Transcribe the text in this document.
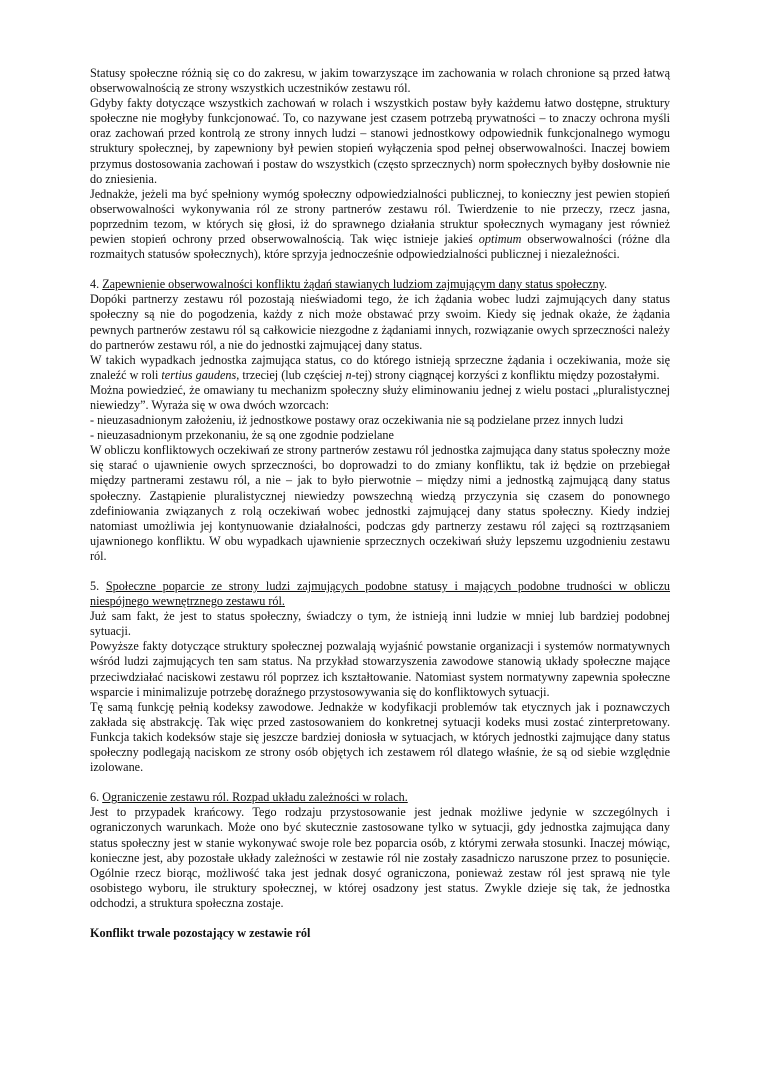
Statusy społeczne różnią się co do zakresu, w jakim towarzyszące im zachowania w rolach chronione są przed łatwą obserwowalnością ze strony wszystkich uczestników zestawu ról.

Gdyby fakty dotyczące wszystkich zachowań w rolach i wszystkich postaw były każdemu łatwo dostępne, struktury społeczne nie mogłyby funkcjonować. To, co nazywane jest czasem potrzebą prywatności – to znaczy ochrona myśli oraz zachowań przed kontrolą ze strony innych ludzi – stanowi jednostkowy odpowiednik funkcjonalnego wymogu struktury społecznej, by zapewniony był pewien stopień wyłączenia spod pełnej obserwowalności. Inaczej bowiem przymus dostosowania zachowań i postaw do wszystkich (często sprzecznych) norm społecznych byłby dosłownie nie do zniesienia.

Jednakże, jeżeli ma być spełniony wymóg społeczny odpowiedzialności publicznej, to konieczny jest pewien stopień obserwowalności wykonywania ról ze strony partnerów zestawu ról. Twierdzenie to nie przeczy, rzecz jasna, poprzednim tezom, w których się głosi, iż do sprawnego działania struktur społecznych wymagany jest również pewien stopień ochrony przed obserwowalnością. Tak więc istnieje jakieś optimum obserwowalności (różne dla rozmaitych statusów społecznych), które sprzyja jednocześnie odpowiedzialności publicznej i niezależności.

4. Zapewnienie obserwowalności konfliktu żądań stawianych ludziom zajmującym dany status społeczny.

Dopóki partnerzy zestawu ról pozostają nieświadomi tego, że ich żądania wobec ludzi zajmujących dany status społeczny są nie do pogodzenia, każdy z nich może obstawać przy swoim. Kiedy się jednak okaże, że żądania pewnych partnerów zestawu ról są całkowicie niezgodne z żądaniami innych, rozwiązanie owych sprzeczności należy do partnerów zestawu ról, a nie do jednostki zajmującej dany status.

W takich wypadkach jednostka zajmująca status, co do którego istnieją sprzeczne żądania i oczekiwania, może się znaleźć w roli tertius gaudens, trzeciej (lub częściej n-tej) strony ciągnącej korzyści z konfliktu między pozostałymi.

Można powiedzieć, że omawiany tu mechanizm społeczny służy eliminowaniu jednej z wielu postaci „pluralistycznej niewiedzy”. Wyraża się w owa dwóch wzorcach:

- nieuzasadnionym założeniu, iż jednostkowe postawy oraz oczekiwania nie są podzielane przez innych ludzi

- nieuzasadnionym przekonaniu, że są one zgodnie podzielane

W obliczu konfliktowych oczekiwań ze strony partnerów zestawu ról jednostka zajmująca dany status społeczny może się starać o ujawnienie owych sprzeczności, bo doprowadzi to do zmiany konfliktu, tak iż będzie on przebiegał między partnerami zestawu ról, a nie – jak to było pierwotnie – między nimi a jednostką zajmującą dany status społeczny. Zastąpienie pluralistycznej niewiedzy powszechną wiedzą przyczynia się czasem do ponownego zdefiniowania związanych z rolą oczekiwań wobec jednostki zajmującej dany status społeczny. Kiedy indziej natomiast umożliwia jej kontynuowanie działalności, podczas gdy partnerzy zestawu ról zajęci są roztrząsaniem ujawnionego konfliktu. W obu wypadkach ujawnienie sprzecznych oczekiwań służy lepszemu uzgodnieniu zestawu ról.

5. Społeczne poparcie ze strony ludzi zajmujących podobne statusy i mających podobne trudności w obliczu niespójnego wewnętrznego zestawu ról.

Już sam fakt, że jest to status społeczny, świadczy o tym, że istnieją inni ludzie w mniej lub bardziej podobnej sytuacji.

Powyższe fakty dotyczące struktury społecznej pozwalają wyjaśnić powstanie organizacji i systemów normatywnych wśród ludzi zajmujących ten sam status. Na przykład stowarzyszenia zawodowe stanowią układy społeczne mające przeciwdziałać naciskowi zestawu ról poprzez ich kształtowanie. Natomiast system normatywny zapewnia społeczne wsparcie i minimalizuje potrzebę doraźnego przystosowywania się do konfliktowych sytuacji.

Tę samą funkcję pełnią kodeksy zawodowe. Jednakże w kodyfikacji problemów tak etycznych jak i poznawczych zakłada się abstrakcję. Tak więc przed zastosowaniem do konkretnej sytuacji kodeks musi zostać zinterpretowany. Funkcja takich kodeksów staje się jeszcze bardziej doniosła w sytuacjach, w których jednostki zajmujące dany status społeczny podlegają naciskom ze strony osób objętych ich zestawem ról dlatego właśnie, że są od siebie względnie izolowane.

6. Ograniczenie zestawu ról. Rozpad układu zależności w rolach.

Jest to przypadek krańcowy. Tego rodzaju przystosowanie jest jednak możliwe jedynie w szczególnych i ograniczonych warunkach. Może ono być skutecznie zastosowane tylko w sytuacji, gdy jednostka zajmująca dany status społeczny jest w stanie wykonywać swoje role bez poparcia osób, z którymi zerwała stosunki. Inaczej mówiąc, konieczne jest, aby pozostałe układy zależności w zestawie ról nie zostały zasadniczo naruszone przez to posunięcie. Ogólnie rzecz biorąc, możliwość taka jest jednak dosyć ograniczona, ponieważ zestaw ról jest sprawą nie tyle osobistego wyboru, ile struktury społecznej, w której osadzony jest status. Zwykle dzieje się tak, że jednostka odchodzi, a struktura społeczna zostaje.

Konflikt trwale pozostający w zestawie ról
